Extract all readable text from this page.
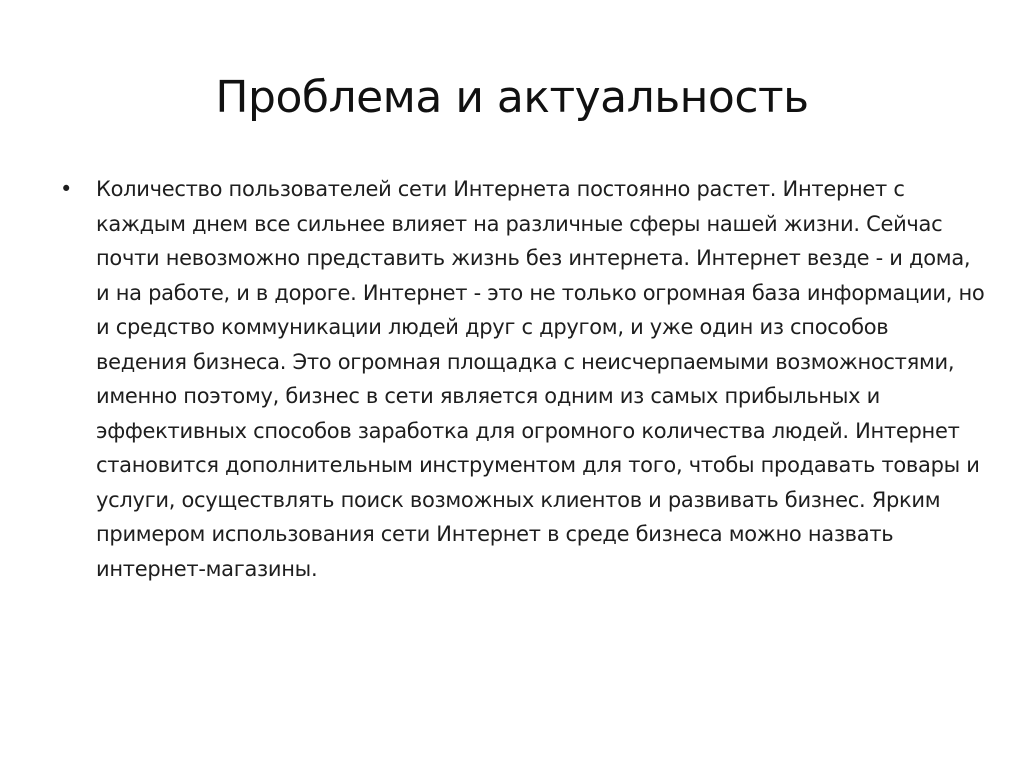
Проблема и актуальность
• Количество пользователей сети Интернета постоянно растет. Интернет с каждым днем все сильнее влияет на различные сферы нашей жизни. Сейчас почти невозможно представить жизнь без интернета. Интернет везде - и дома, и на работе, и в дороге. Интернет - это не только огромная база информации, но и средство коммуникации людей друг с другом, и уже один из способов ведения бизнеса. Это огромная площадка с неисчерпаемыми возможностями, именно поэтому, бизнес в сети является одним из самых прибыльных и эффективных способов заработка для огромного количества людей. Интернет становится дополнительным инструментом для того, чтобы продавать товары и услуги, осуществлять поиск возможных клиентов и развивать бизнес. Ярким примером использования сети Интернет в среде бизнеса можно назвать интернет-магазины.
